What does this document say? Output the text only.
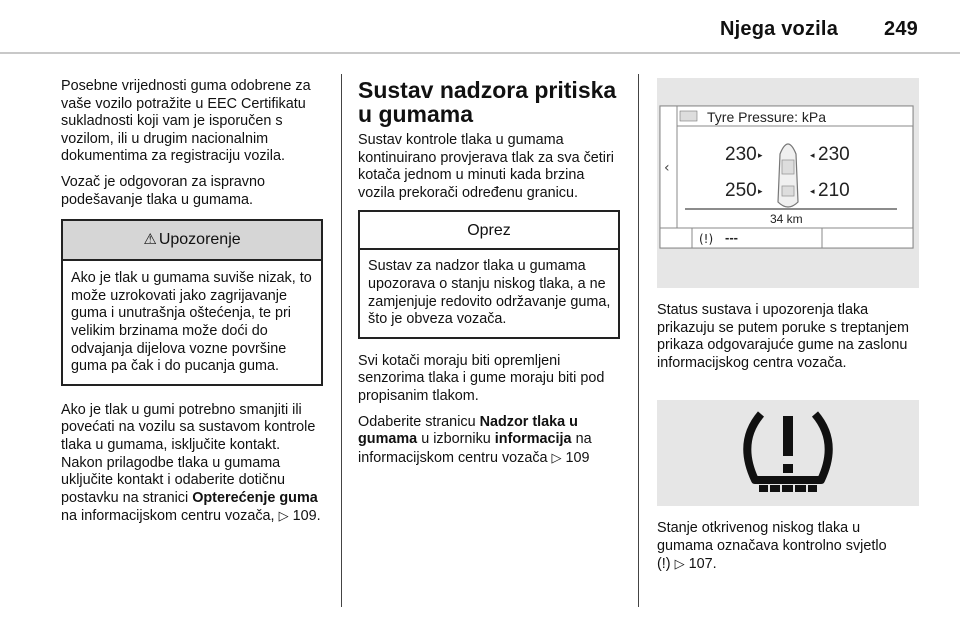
Njega vozila 249

Posebne vrijednosti guma odobrene za vaše vozilo potražite u EEC Certifikatu sukladnosti koji vam je isporučen s vozilom, ili u drugim nacionalnim dokumentima za registraciju vozila.

Vozač je odgovoran za ispravno podešavanje tlaka u gumama.

⚠ Upozorenje
Ako je tlak u gumama suviše nizak, to može uzrokovati jako zagrijavanje guma i unutrašnja oštećenja, te pri velikim brzinama može doći do odvajanja dijelova vozne površine guma pa čak i do pucanja guma.

Ako je tlak u gumi potrebno smanjiti ili povećati na vozilu sa sustavom kontrole tlaka u gumama, isključite kontakt. Nakon prilagodbe tlaka u gumama uključite kontakt i odaberite dotičnu postavku na stranici Opterećenje guma na informacijskom centru vozača, ▷ 109.

Sustav nadzora pritiska u gumama

Sustav kontrole tlaka u gumama kontinuirano provjerava tlak za sva četiri kotača jednom u minuti kada brzina vozila prekorači određenu granicu.

Oprez
Sustav za nadzor tlaka u gumama upozorava o stanju niskog tlaka, a ne zamjenjuje redovito održavanje guma, što je obveza vozača.

Svi kotači moraju biti opremljeni senzorima tlaka i gume moraju biti pod propisanim tlakom.

Odaberite stranicu Nadzor tlaka u gumama u izborniku informacija na informacijskom centru vozača ▷ 109

‹
Tyre Pressure: kPa
230 ▸	◂ 230
250 ▸	◂ 210
34 km
(!) ---
Status sustava i upozorenja tlaka prikazuju se putem poruke s treptanjem prikaza odgovarajuće gume na zaslonu informacijskog centra vozača.
Stanje otkrivenog niskog tlaka u gumama označava kontrolno svjetlo
(!) ▷ 107.
